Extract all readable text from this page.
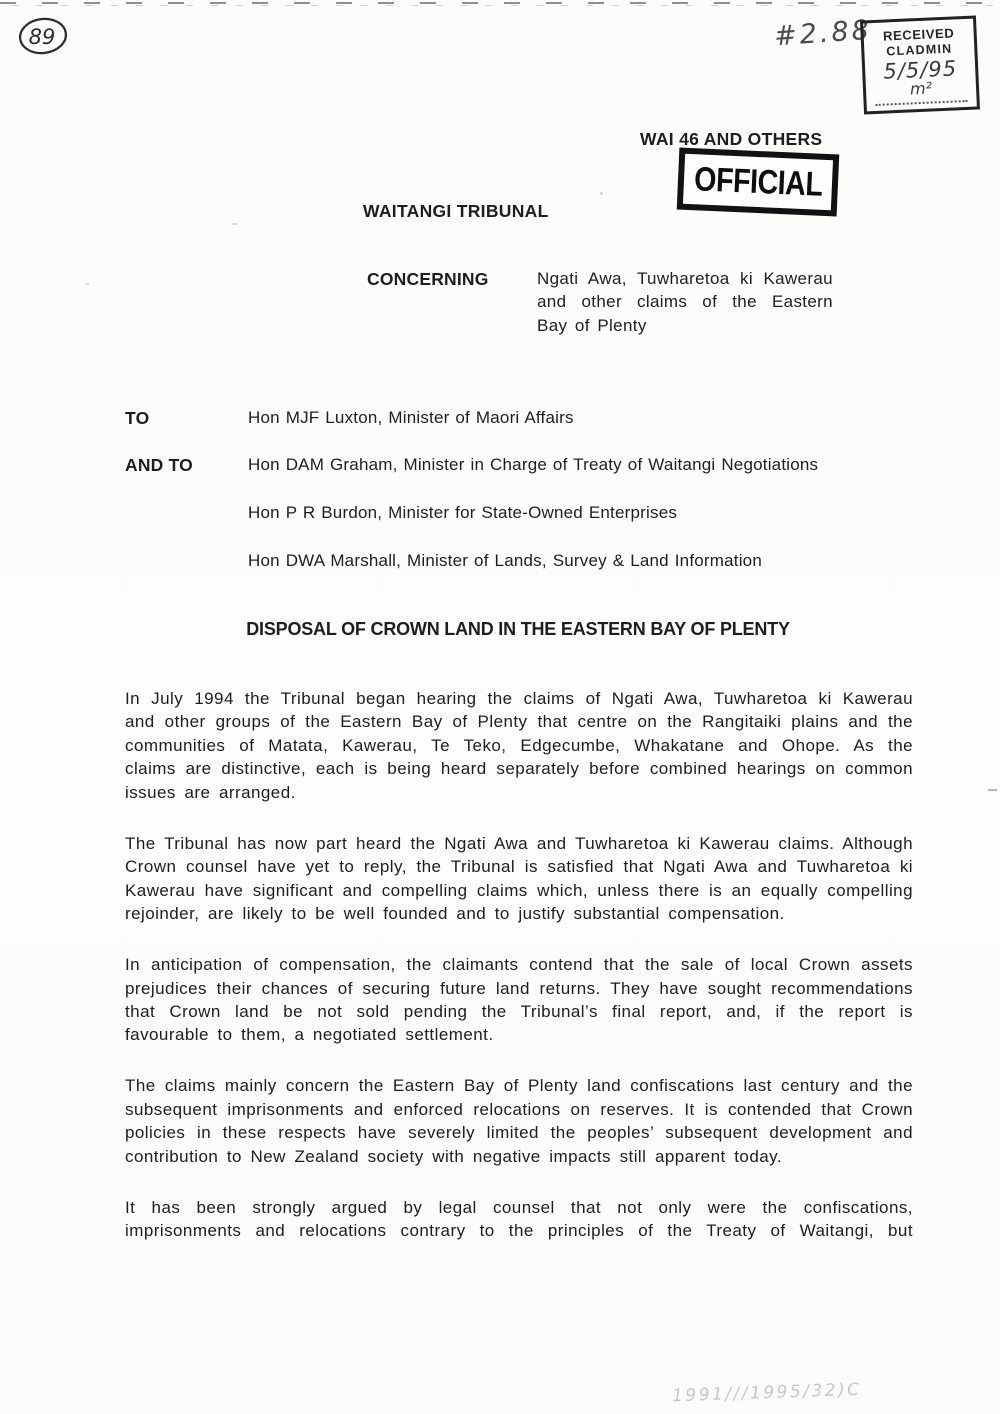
89	#2.88 RECEIVED
CLADMIN
5/5/95
m²
WAI 46 AND OTHERS
OFFICIAL
WAITANGI TRIBUNAL
CONCERNING	Ngati Awa, Tuwharetoa ki Kawerau and other claims of the Eastern Bay of Plenty
TO	Hon MJF Luxton, Minister of Maori Affairs
AND TO	Hon DAM Graham, Minister in Charge of Treaty of Waitangi Negotiations
Hon P R Burdon, Minister for State-Owned Enterprises
Hon DWA Marshall, Minister of Lands, Survey & Land Information
DISPOSAL OF CROWN LAND IN THE EASTERN BAY OF PLENTY

In July 1994 the Tribunal began hearing the claims of Ngati Awa, Tuwharetoa ki Kawerau and other groups of the Eastern Bay of Plenty that centre on the Rangitaiki plains and the communities of Matata, Kawerau, Te Teko, Edgecumbe, Whakatane and Ohope. As the claims are distinctive, each is being heard separately before combined hearings on common issues are arranged.

The Tribunal has now part heard the Ngati Awa and Tuwharetoa ki Kawerau claims. Although Crown counsel have yet to reply, the Tribunal is satisfied that Ngati Awa and Tuwharetoa ki Kawerau have significant and compelling claims which, unless there is an equally compelling rejoinder, are likely to be well founded and to justify substantial compensation.

In anticipation of compensation, the claimants contend that the sale of local Crown assets prejudices their chances of securing future land returns. They have sought recommendations that Crown land be not sold pending the Tribunal’s final report, and, if the report is favourable to them, a negotiated settlement.

The claims mainly concern the Eastern Bay of Plenty land confiscations last century and the subsequent imprisonments and enforced relocations on reserves. It is contended that Crown policies in these respects have severely limited the peoples’ subsequent development and contribution to New Zealand society with negative impacts still apparent today.

It has been strongly argued by legal counsel that not only were the confiscations, imprisonments and relocations contrary to the principles of the Treaty of Waitangi, but

1991///1995/32)C
